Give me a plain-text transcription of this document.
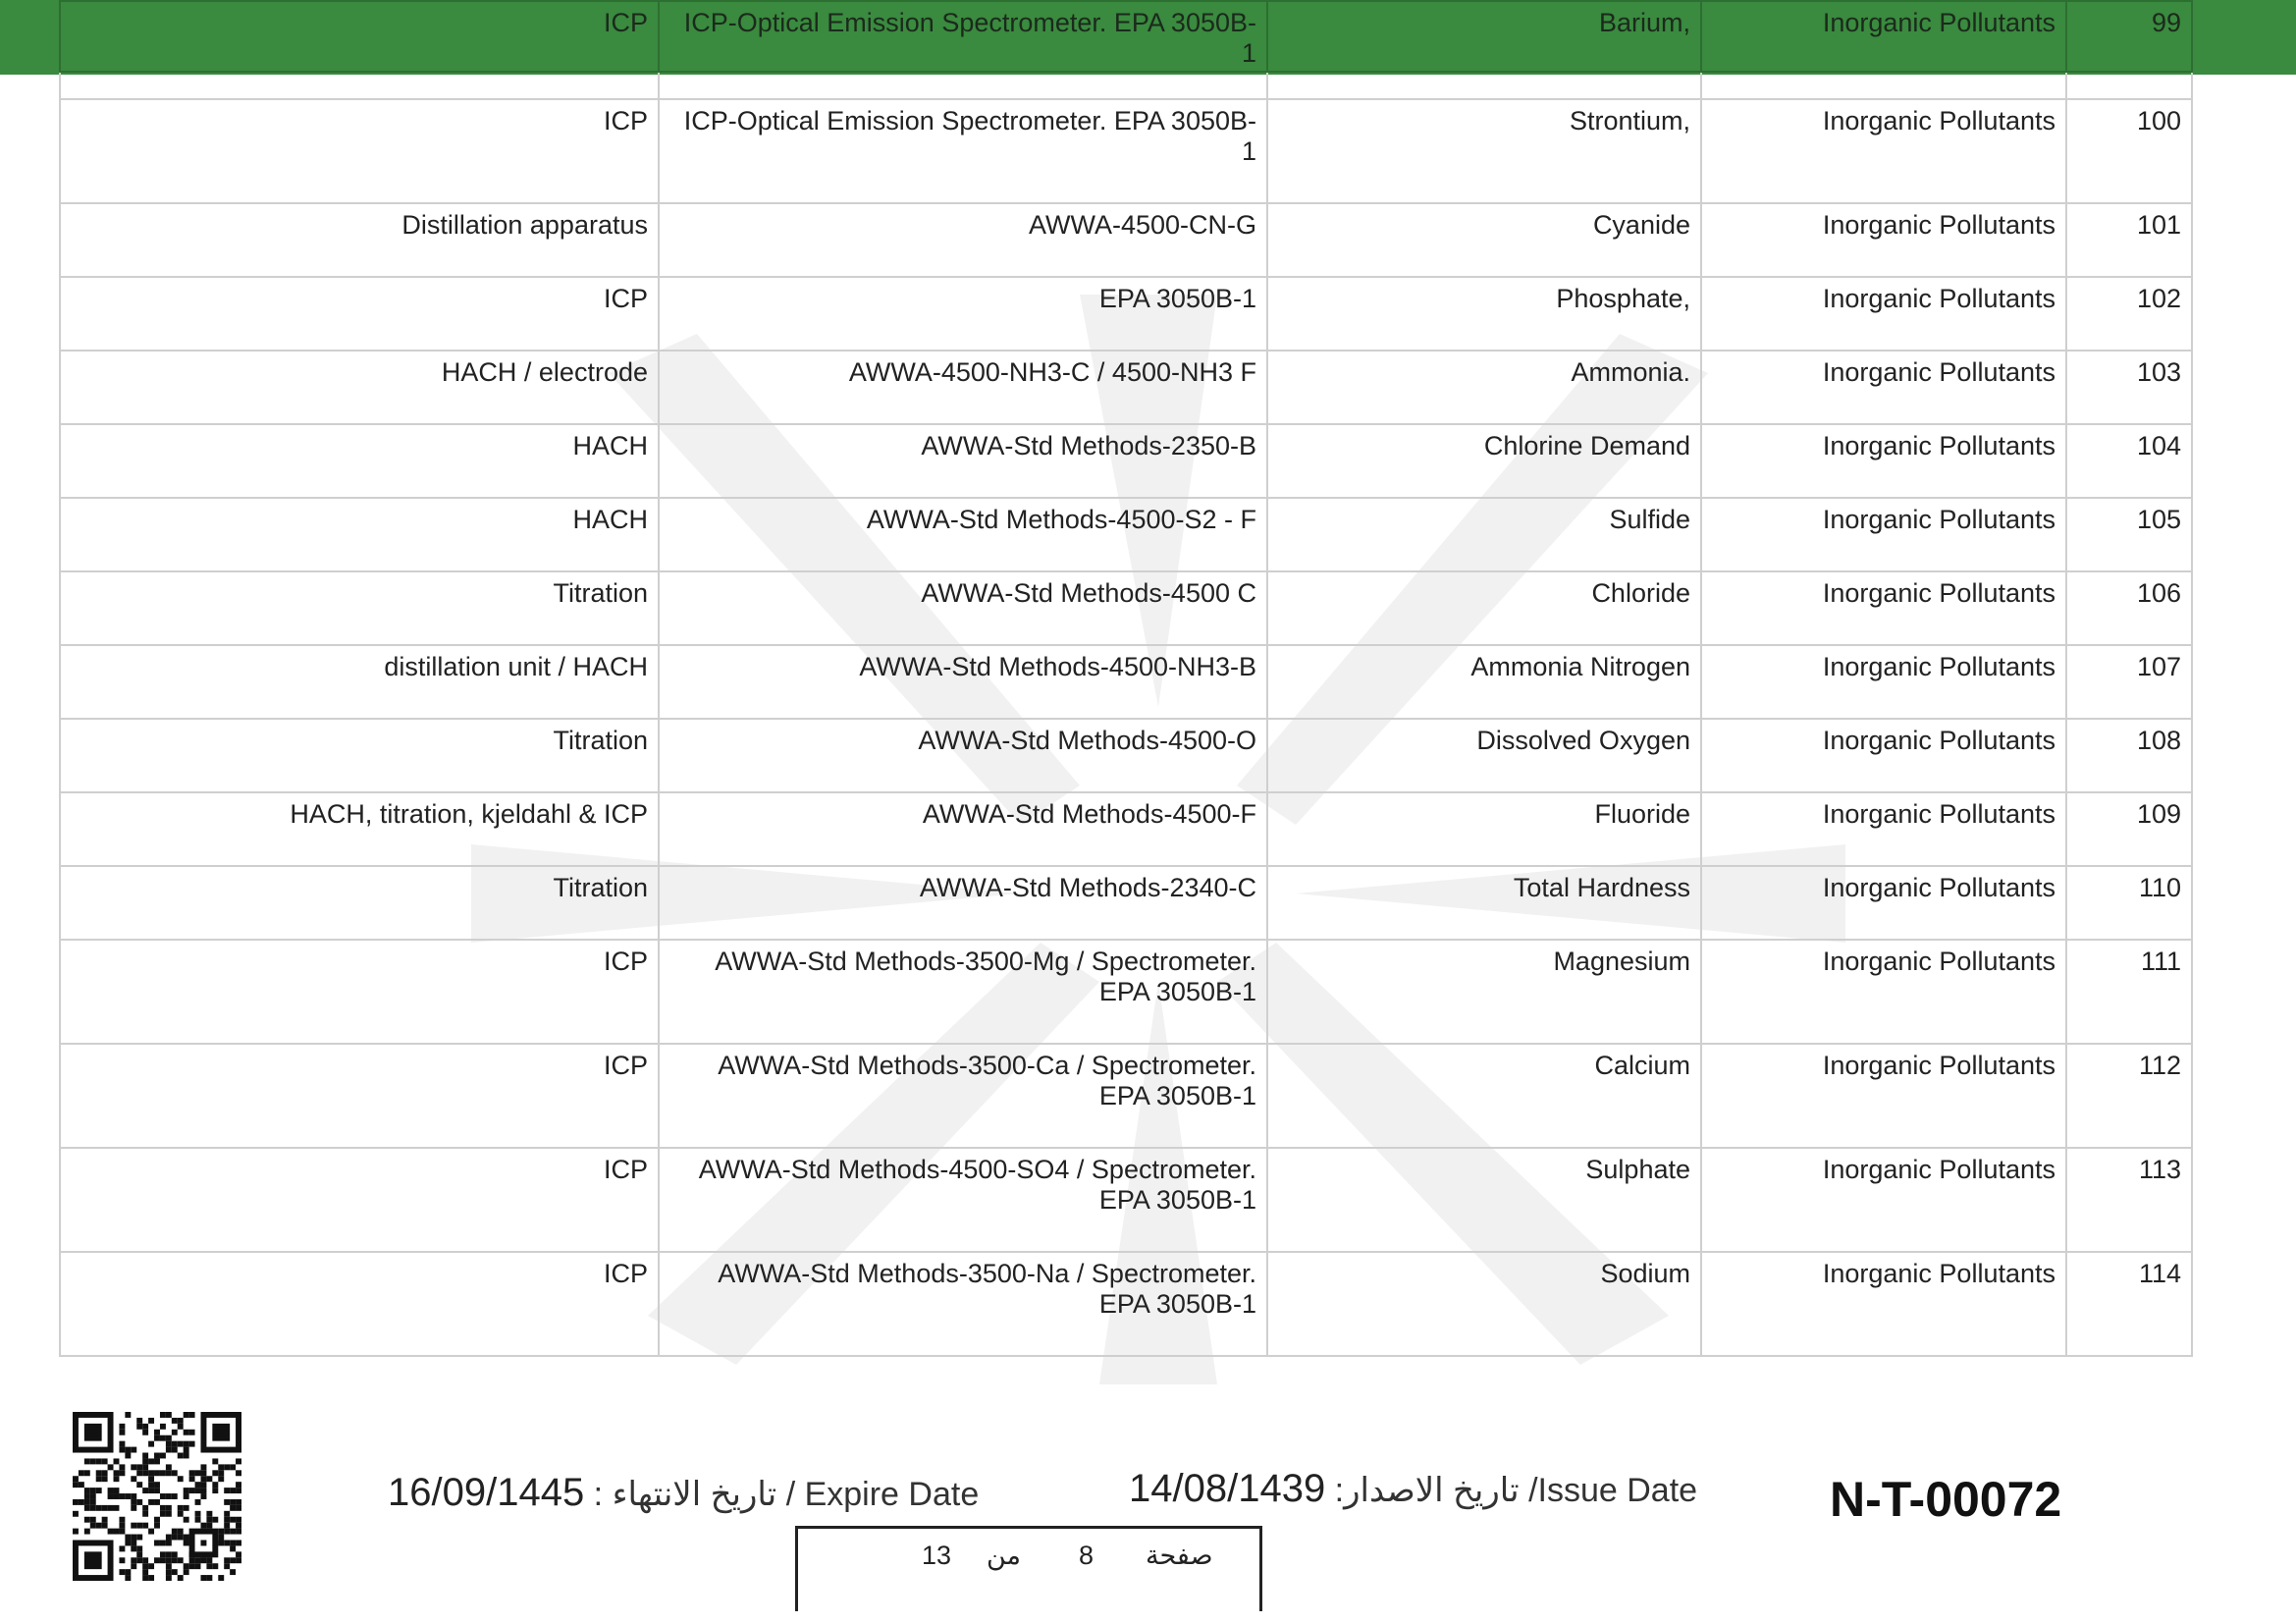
ICP	ICP-Optical Emission Spectrometer. EPA 3050B-1	Barium,	Inorganic Pollutants	99

ICP	ICP-Optical Emission Spectrometer. EPA 3050B-1	Strontium,	Inorganic Pollutants	100
Distillation apparatus	AWWA-4500-CN-G	Cyanide	Inorganic Pollutants	101
ICP	EPA 3050B-1	Phosphate,	Inorganic Pollutants	102
HACH / electrode	AWWA-4500-NH3-C / 4500-NH3 F	Ammonia.	Inorganic Pollutants	103
HACH	AWWA-Std Methods-2350-B	Chlorine Demand	Inorganic Pollutants	104
HACH	AWWA-Std Methods-4500-S2 - F	Sulfide	Inorganic Pollutants	105
Titration	AWWA-Std Methods-4500 C	Chloride	Inorganic Pollutants	106
distillation unit / HACH	AWWA-Std Methods-4500-NH3-B	Ammonia Nitrogen	Inorganic Pollutants	107
Titration	AWWA-Std Methods-4500-O	Dissolved Oxygen	Inorganic Pollutants	108
HACH, titration, kjeldahl & ICP	AWWA-Std Methods-4500-F	Fluoride	Inorganic Pollutants	109
Titration	AWWA-Std Methods-2340-C	Total Hardness	Inorganic Pollutants	110
ICP	AWWA-Std Methods-3500-Mg / Spectrometer. EPA 3050B-1	Magnesium	Inorganic Pollutants	111
ICP	AWWA-Std Methods-3500-Ca / Spectrometer. EPA 3050B-1	Calcium	Inorganic Pollutants	112
ICP	AWWA-Std Methods-4500-SO4 / Spectrometer. EPA 3050B-1	Sulphate	Inorganic Pollutants	113
ICP	AWWA-Std Methods-3500-Na / Spectrometer. EPA 3050B-1	Sodium	Inorganic Pollutants	114
16/09/1445 : تاريخ الانتهاء / Expire Date	14/08/1439 :تاريخ الاصدار /Issue Date	N-T-00072
13 من 8 صفحة
